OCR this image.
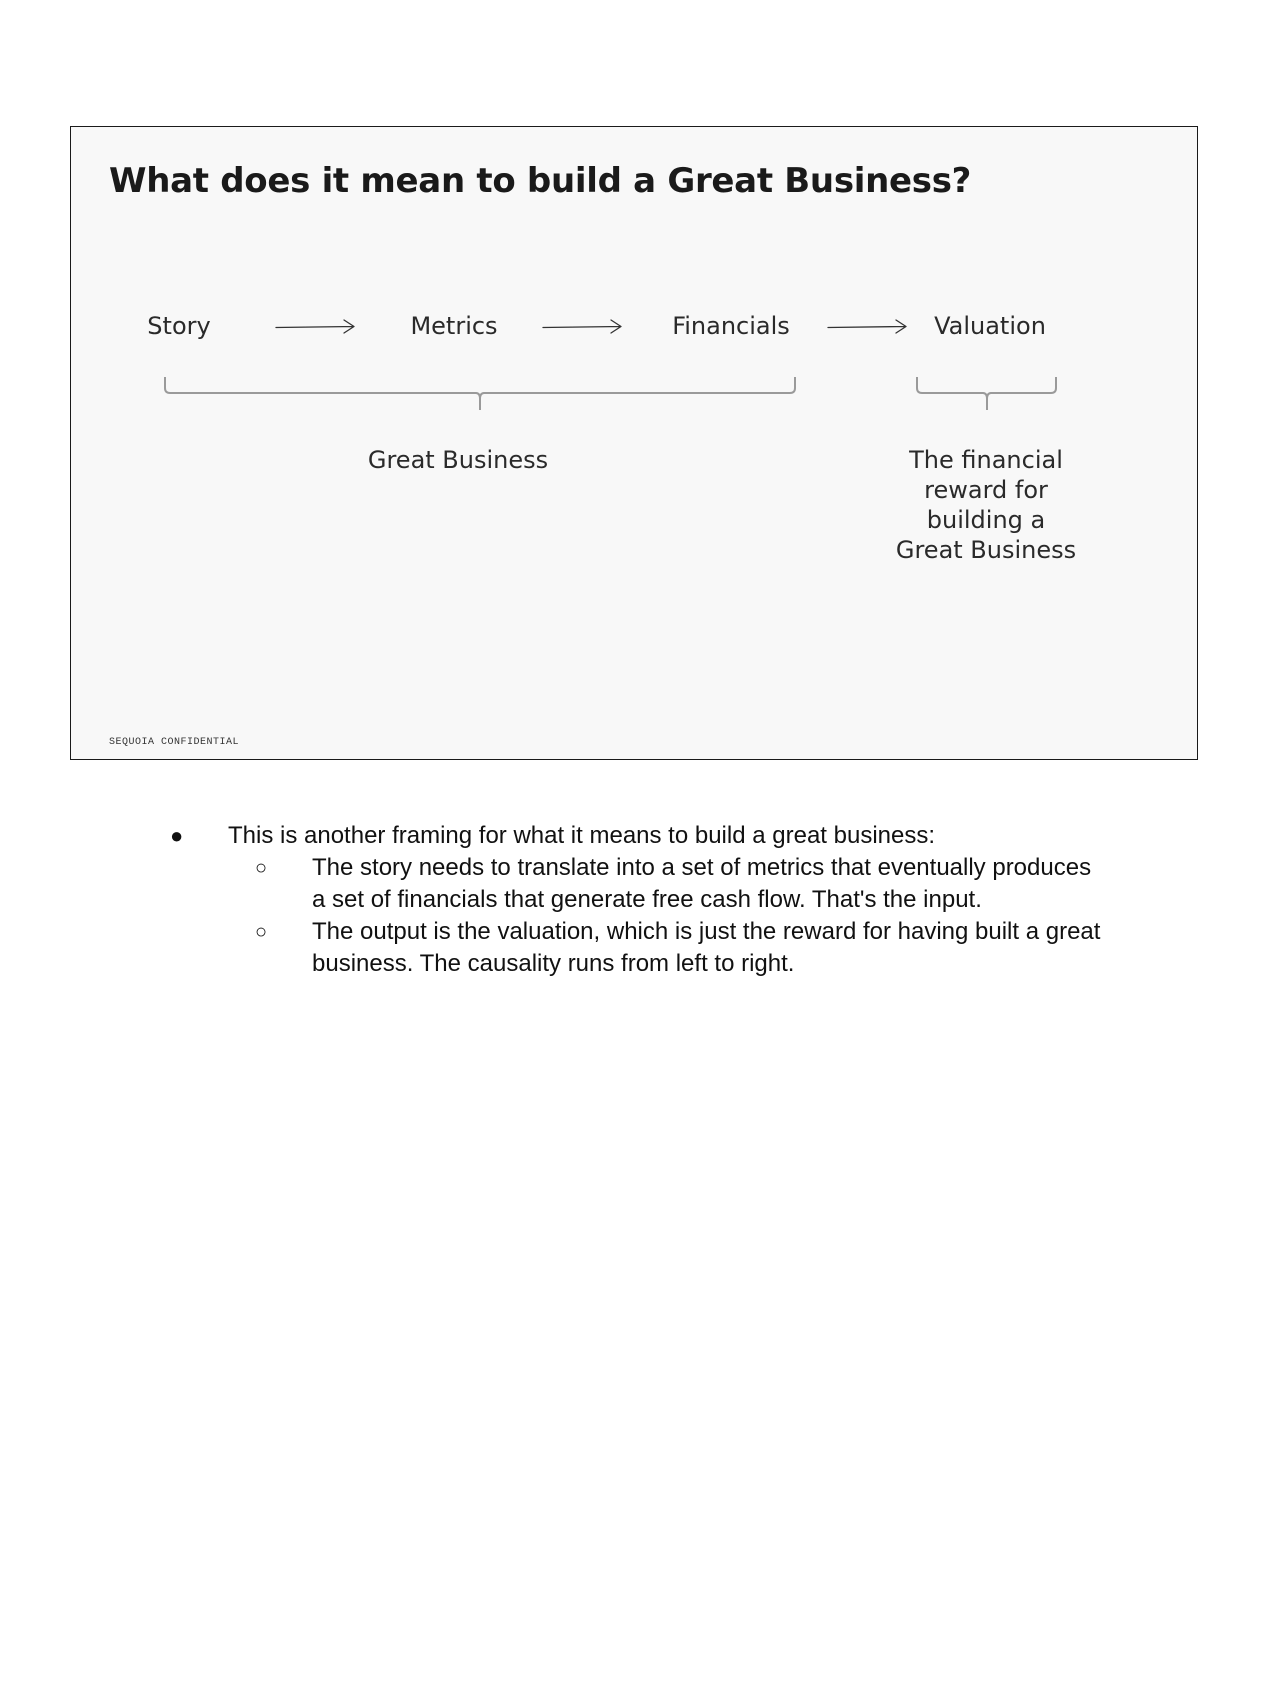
What does it mean to build a Great Business?
Story	Metrics	Financials	Valuation
Great Business	The financial
reward for
building a
Great Business
SEQUOIA CONFIDENTIAL
● This is another framing for what it means to build a great business:
○ The story needs to translate into a set of metrics that eventually produces a set of financials that generate free cash flow. That's the input.
○ The output is the valuation, which is just the reward for having built a great business. The causality runs from left to right.
